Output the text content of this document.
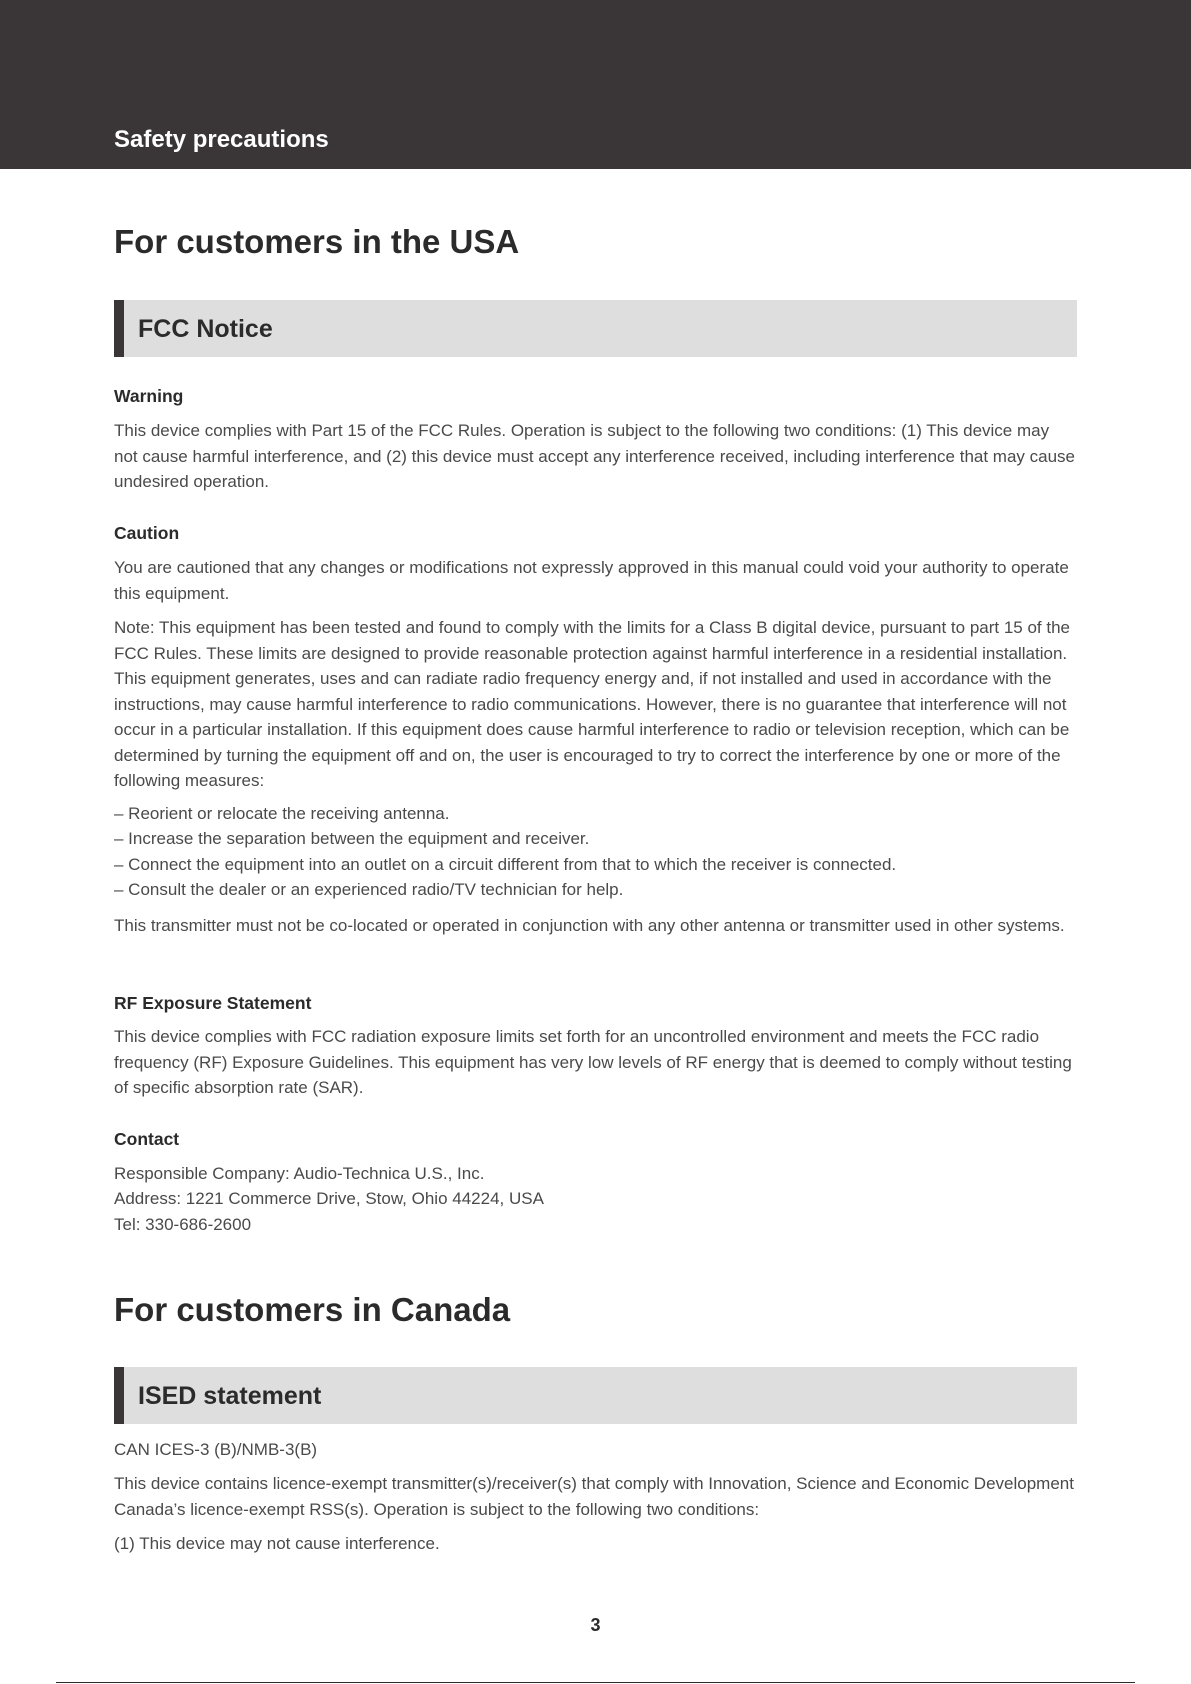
Safety precautions
For customers in the USA
FCC Notice
Warning
This device complies with Part 15 of the FCC Rules. Operation is subject to the following two conditions: (1) This device may not cause harmful interference, and (2) this device must accept any interference received, including interference that may cause undesired operation.
Caution
You are cautioned that any changes or modifications not expressly approved in this manual could void your authority to operate this equipment.
Note: This equipment has been tested and found to comply with the limits for a Class B digital device, pursuant to part 15 of the FCC Rules. These limits are designed to provide reasonable protection against harmful interference in a residential installation. This equipment generates, uses and can radiate radio frequency energy and, if not installed and used in accordance with the instructions, may cause harmful interference to radio communications. However, there is no guarantee that interference will not occur in a particular installation. If this equipment does cause harmful interference to radio or television reception, which can be determined by turning the equipment off and on, the user is encouraged to try to correct the interference by one or more of the following measures:
– Reorient or relocate the receiving antenna.
– Increase the separation between the equipment and receiver.
– Connect the equipment into an outlet on a circuit different from that to which the receiver is connected.
– Consult the dealer or an experienced radio/TV technician for help.
This transmitter must not be co-located or operated in conjunction with any other antenna or transmitter used in other systems.
RF Exposure Statement
This device complies with FCC radiation exposure limits set forth for an uncontrolled environment and meets the FCC radio frequency (RF) Exposure Guidelines. This equipment has very low levels of RF energy that is deemed to comply without testing of specific absorption rate (SAR).
Contact
Responsible Company: Audio-Technica U.S., Inc.
Address: 1221 Commerce Drive, Stow, Ohio 44224, USA
Tel: 330-686-2600
For customers in Canada
ISED statement
CAN ICES-3 (B)/NMB-3(B)
This device contains licence-exempt transmitter(s)/receiver(s) that comply with Innovation, Science and Economic Development Canada’s licence-exempt RSS(s). Operation is subject to the following two conditions:
(1) This device may not cause interference.
3
